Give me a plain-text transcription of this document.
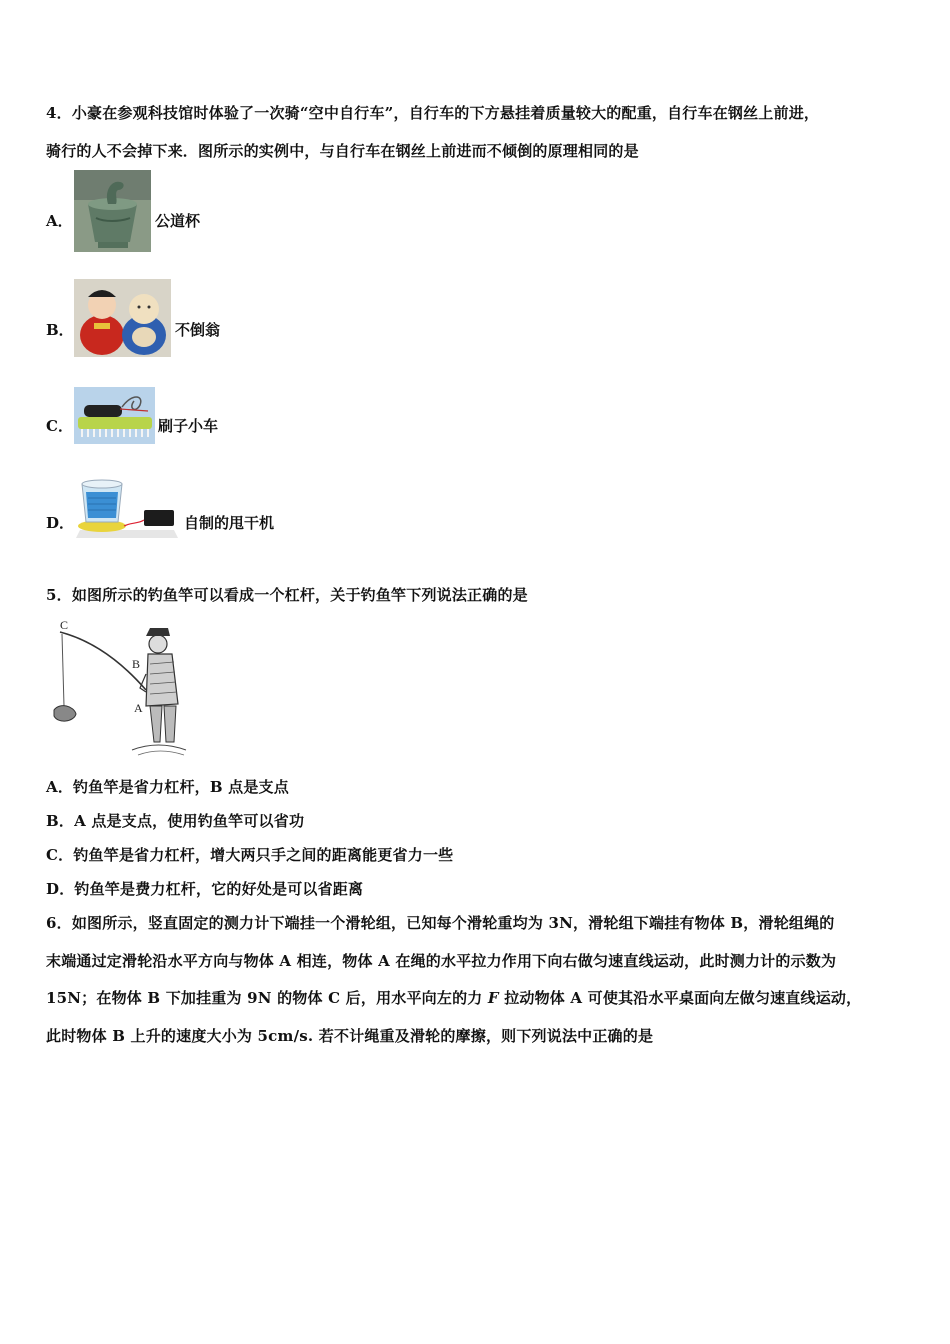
4．小豪在参观科技馆时体验了一次骑“空中自行车”，自行车的下方悬挂着质量较大的配重，自行车在钢丝上前进，
骑行的人不会掉下来．图所示的实例中，与自行车在钢丝上前进而不倾倒的原理相同的是
A．	公道杯
B．	不倒翁
C．	刷子小车
D．	自制的甩干机
5．如图所示的钓鱼竿可以看成一个杠杆，关于钓鱼竿下列说法正确的是
C
B
A
A．钓鱼竿是省力杠杆，B 点是支点
B．A 点是支点，使用钓鱼竿可以省功
C．钓鱼竿是省力杠杆，增大两只手之间的距离能更省力一些
D．钓鱼竿是费力杠杆，它的好处是可以省距离
6．如图所示，竖直固定的测力计下端挂一个滑轮组，已知每个滑轮重均为 3N，滑轮组下端挂有物体 B，滑轮组绳的
末端通过定滑轮沿水平方向与物体 A 相连，物体 A 在绳的水平拉力作用下向右做匀速直线运动，此时测力计的示数为
15N；在物体 B 下加挂重为 9N 的物体 C 后，用水平向左的力 F 拉动物体 A 可使其沿水平桌面向左做匀速直线运动，
此时物体 B 上升的速度大小为 5cm/s. 若不计绳重及滑轮的摩擦，则下列说法中正确的是
